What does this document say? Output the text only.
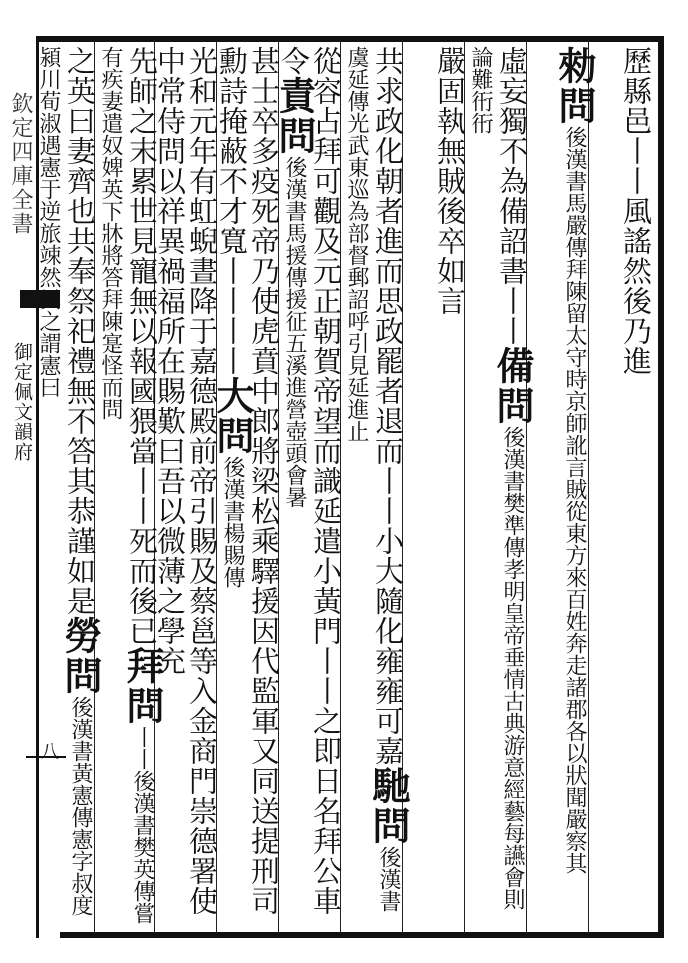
欽定四庫全書
御定佩文韻府
八
歷縣邑丨丨風謠然後乃進
勑問後漢書馬嚴傳拜陳留太守時京師訛言賊從東方來百姓奔走諸郡各以狀聞嚴察其
虛妄獨不為備詔書丨丨備問後漢書樊準傳孝明皇帝垂情古典游意經藝每讌會則論難衎衎
嚴固執無賊後卒如言
共求政化朝者進而思政罷者退而丨丨小大隨化雍雍可嘉馳問後漢書虞延傳光武東巡為部督郵詔呼引見延進止
從容占拜可觀及元正朝賀帝望而識延遣小黃門丨丨之即日名拜公車令責問後漢書馬援傳援征五溪進營壺頭會暑
甚士卒多疫死帝乃使虎賁中郎將梁松乘驛援因代監軍又同送提刑司勳詩掩蔽不才寬丨丨丨丨大問後漢書楊賜傳
光和元年有虹蜺晝降于嘉德殿前帝引賜及蔡邕等入金商門崇德署使中常侍問以祥異禍福所在賜歎曰吾以微薄之學充
先師之末累世見寵無以報國猥當丨丨死而後已拜問丨丨後漢書樊英傳嘗有疾妻遣奴婢英下牀將答拜陳寔怪而問
之英曰妻齊也共奉祭祀禮無不答其恭謹如是勞問後漢書黃憲傳憲字叔度潁川荀淑遇憲于逆旅竦然異之謂憲曰
